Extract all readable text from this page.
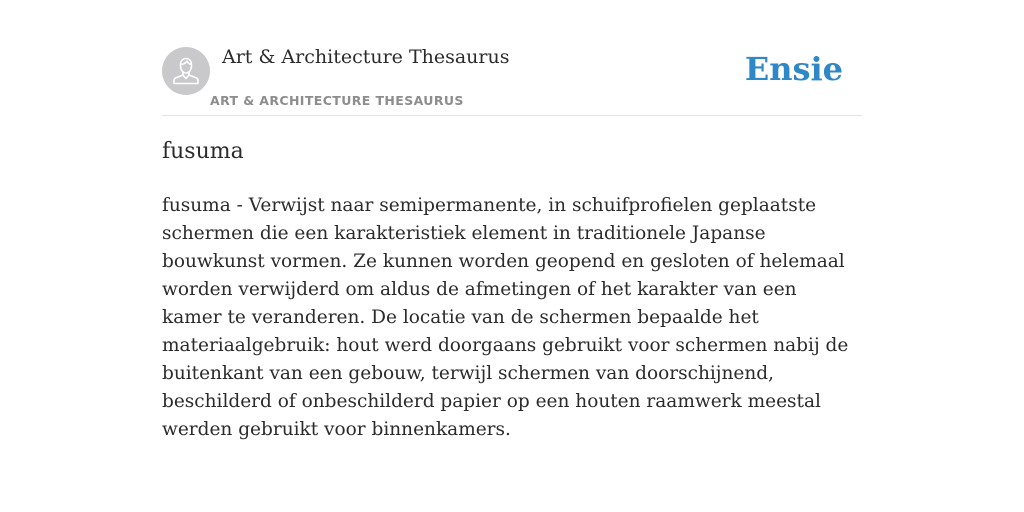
Art & Architecture Thesaurus
ART & ARCHITECTURE THESAURUS
Ensie
fusuma

fusuma - Verwijst naar semipermanente, in schuifprofielen geplaatste schermen die een karakteristiek element in traditionele Japanse bouwkunst vormen. Ze kunnen worden geopend en gesloten of helemaal worden verwijderd om aldus de afmetingen of het karakter van een kamer te veranderen. De locatie van de schermen bepaalde het materiaalgebruik: hout werd doorgaans gebruikt voor schermen nabij de buitenkant van een gebouw, terwijl schermen van doorschijnend, beschilderd of onbeschilderd papier op een houten raamwerk meestal werden gebruikt voor binnenkamers.
